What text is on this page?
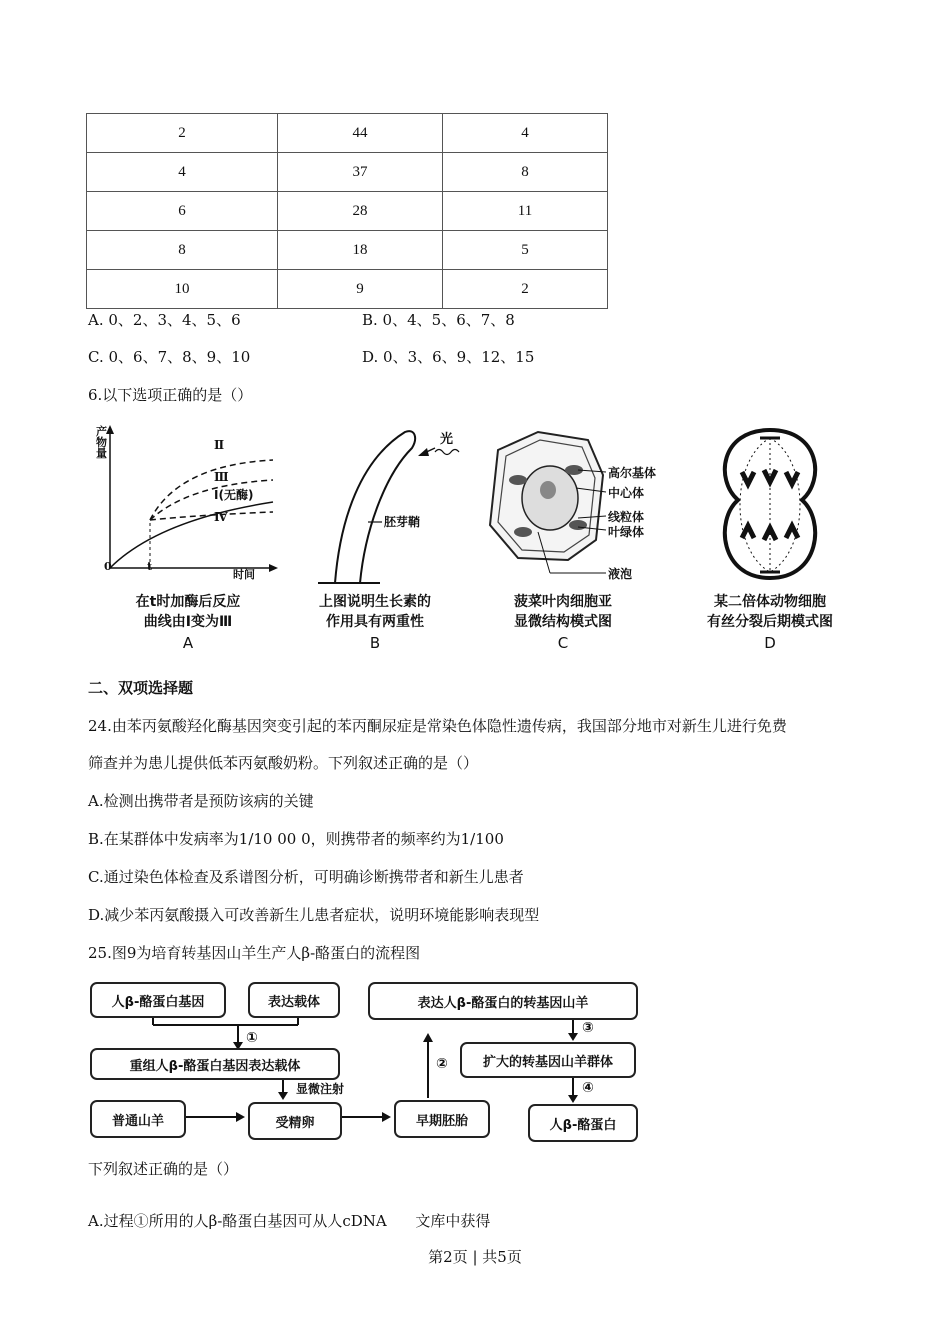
2	44	4
4	37	8
6	28	11
8	18	5
10	9	2
A. 0、2、3、4、5、6	B. 0、4、5、6、7、8
C. 0、6、7、8、9、10	D. 0、3、6、9、12、15
6.以下选项正确的是（）
产物量
时间
0	t
Ⅱ
Ⅲ
Ⅰ(无酶)
Ⅳ
在t时加酶后反应
曲线由Ⅰ变为Ⅲ
A
光
胚芽鞘
上图说明生长素的
作用具有两重性
B
高尔基体
中心体
线粒体
叶绿体
液泡
菠菜叶肉细胞亚
显微结构模式图
C
某二倍体动物细胞
有丝分裂后期模式图
D
二、双项选择题
24.由苯丙氨酸羟化酶基因突变引起的苯丙酮尿症是常染色体隐性遗传病，我国部分地市对新生儿进行免费
筛查并为患儿提供低苯丙氨酸奶粉。下列叙述正确的是（）
A.检测出携带者是预防该病的关键
B.在某群体中发病率为1/10 00 0，则携带者的频率约为1/100
C.通过染色体检查及系谱图分析，可明确诊断携带者和新生儿患者
D.减少苯丙氨酸摄入可改善新生儿患者症状，说明环境能影响表现型
25.图9为培育转基因山羊生产人β-酪蛋白的流程图
人β-酪蛋白基因	表达载体
重组人β-酪蛋白基因表达载体
普通山羊	受精卵	早期胚胎
表达人β-酪蛋白的转基因山羊
扩大的转基因山羊群体
人β-酪蛋白
显微注射
①
②
③
④
下列叙述正确的是（）
A.过程①所用的人β-酪蛋白基因可从人cDNA      文库中获得
第2页 | 共5页
